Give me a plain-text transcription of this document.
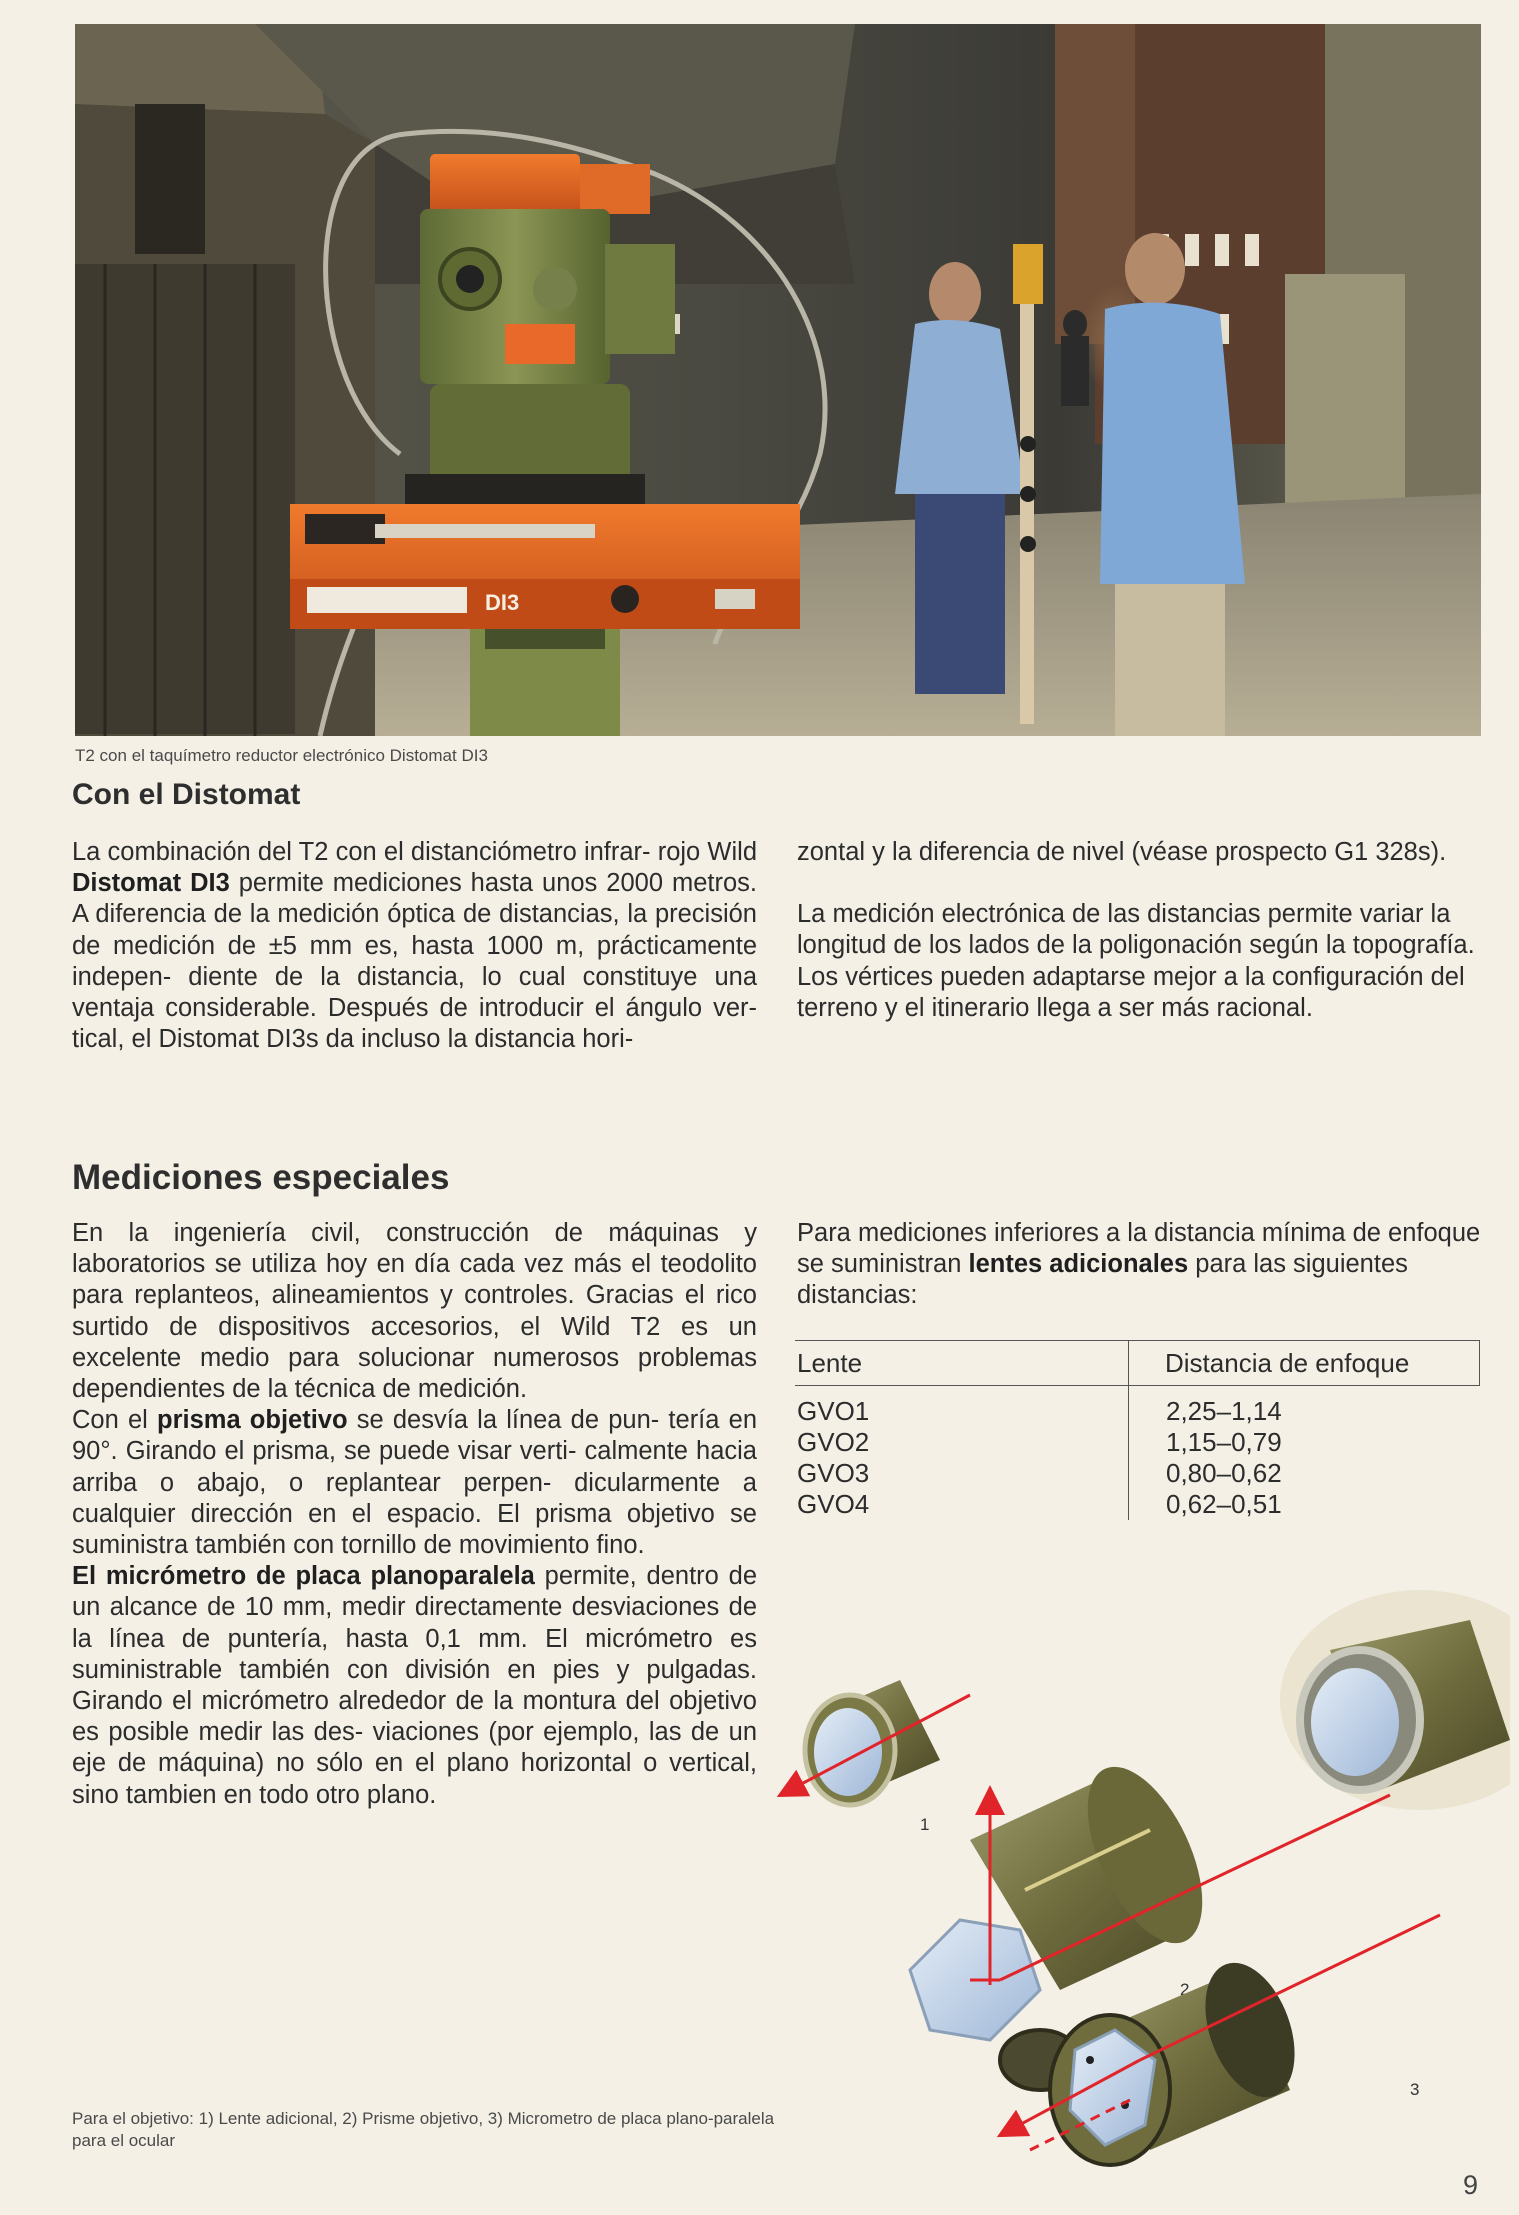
DI3
T2 con el taquímetro reductor electrónico Distomat DI3
Con el Distomat

La combinación del T2 con el distanciómetro infrar- rojo Wild Distomat DI3 permite mediciones hasta unos 2000 metros. A diferencia de la medición óptica de distancias, la precisión de medición de ±5 mm es, hasta 1000 m, prácticamente indepen- diente de la distancia, lo cual constituye una ventaja considerable. Después de introducir el ángulo ver- tical, el Distomat DI3s da incluso la distancia hori-

zontal y la diferencia de nivel (véase prospecto G1 328s).

La medición electrónica de las distancias permite variar la longitud de los lados de la poligonación según la topografía. Los vértices pueden adaptarse mejor a la configuración del terreno y el itinerario llega a ser más racional.

Mediciones especiales

En la ingeniería civil, construcción de máquinas y laboratorios se utiliza hoy en día cada vez más el teodolito para replanteos, alineamientos y controles. Gracias el rico surtido de dispositivos accesorios, el Wild T2 es un excelente medio para solucionar numerosos problemas dependientes de la técnica de medición.

Con el prisma objetivo se desvía la línea de pun- tería en 90°. Girando el prisma, se puede visar verti- calmente hacia arriba o abajo, o replantear perpen- dicularmente a cualquier dirección en el espacio. El prisma objetivo se suministra también con tornillo de movimiento fino.

El micrómetro de placa planoparalela permite, dentro de un alcance de 10 mm, medir directamente desviaciones de la línea de puntería, hasta 0,1 mm. El micrómetro es suministrable también con división en pies y pulgadas. Girando el micrómetro alrededor de la montura del objetivo es posible medir las des- viaciones (por ejemplo, las de un eje de máquina) no sólo en el plano horizontal o vertical, sino tambien en todo otro plano.

Para mediciones inferiores a la distancia mínima de enfoque se suministran lentes adicionales para las siguientes distancias:

Lente	Distancia de enfoque
GVO1	2,25–1,14
GVO2	1,15–0,79
GVO3	0,80–0,62
GVO4	0,62–0,51
1
2
3
Para el objetivo: 1) Lente adicional, 2) Prisme objetivo, 3) Micrometro de placa plano-paralela para el ocular
9
